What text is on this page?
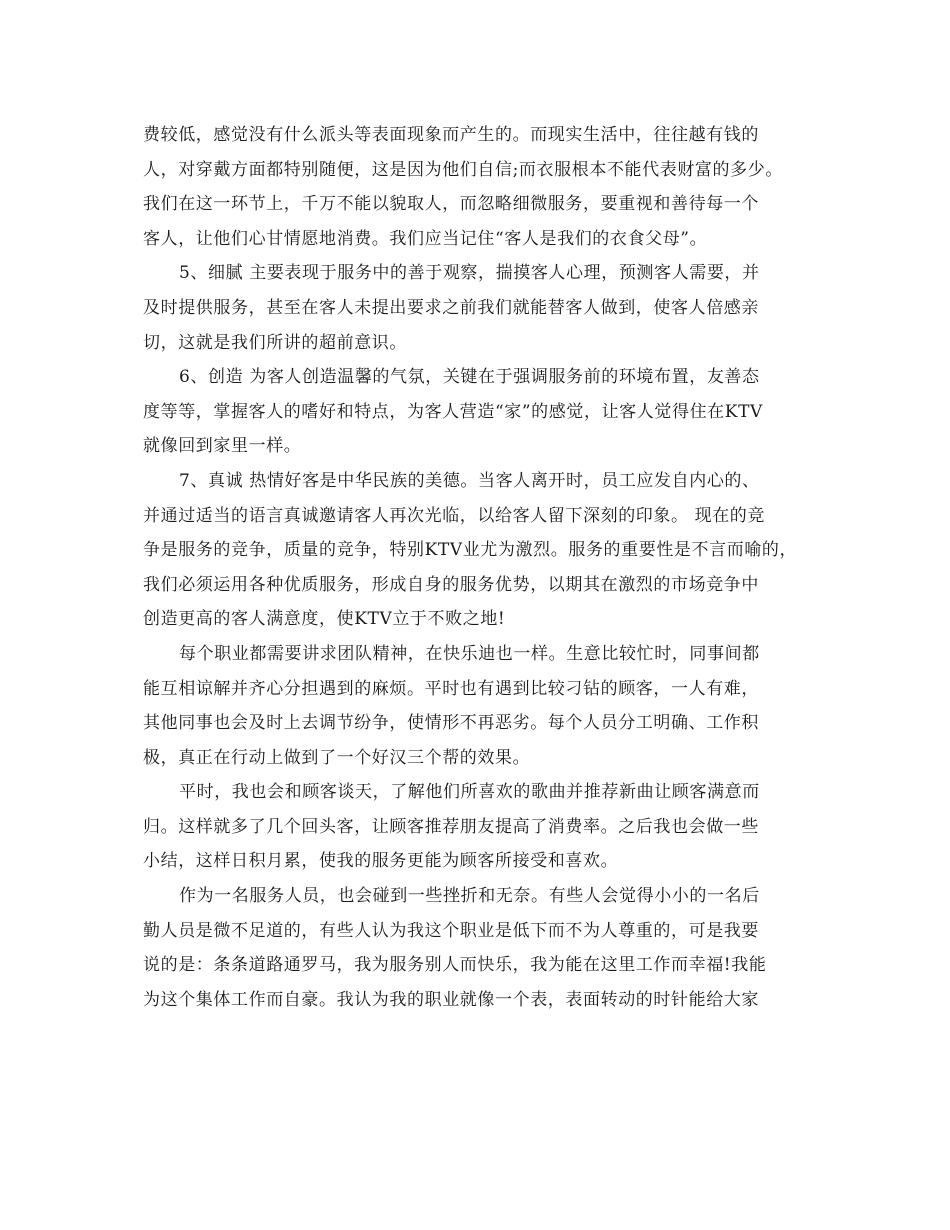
费较低，感觉没有什么派头等表面现象而产生的。而现实生活中，往往越有钱的
人，对穿戴方面都特别随便，这是因为他们自信;而衣服根本不能代表财富的多少。
我们在这一环节上，千万不能以貌取人，而忽略细微服务，要重视和善待每一个
客人，让他们心甘情愿地消费。我们应当记住“客人是我们的衣食父母”。
5、细腻 主要表现于服务中的善于观察，揣摸客人心理，预测客人需要，并
及时提供服务，甚至在客人未提出要求之前我们就能替客人做到，使客人倍感亲
切，这就是我们所讲的超前意识。
6、创造 为客人创造温馨的气氛，关键在于强调服务前的环境布置，友善态
度等等，掌握客人的嗜好和特点，为客人营造“家”的感觉，让客人觉得住在KTV
就像回到家里一样。
7、真诚 热情好客是中华民族的美德。当客人离开时，员工应发自内心的、
并通过适当的语言真诚邀请客人再次光临，以给客人留下深刻的印象。 现在的竞
争是服务的竞争，质量的竞争，特别KTV业尤为激烈。服务的重要性是不言而喻的，
我们必须运用各种优质服务，形成自身的服务优势，以期其在激烈的市场竞争中
创造更高的客人满意度，使KTV立于不败之地!
每个职业都需要讲求团队精神，在快乐迪也一样。生意比较忙时，同事间都
能互相谅解并齐心分担遇到的麻烦。平时也有遇到比较刁钻的顾客，一人有难，
其他同事也会及时上去调节纷争，使情形不再恶劣。每个人员分工明确、工作积
极，真正在行动上做到了一个好汉三个帮的效果。
平时，我也会和顾客谈天，了解他们所喜欢的歌曲并推荐新曲让顾客满意而
归。这样就多了几个回头客，让顾客推荐朋友提高了消费率。之后我也会做一些
小结，这样日积月累，使我的服务更能为顾客所接受和喜欢。
作为一名服务人员，也会碰到一些挫折和无奈。有些人会觉得小小的一名后
勤人员是微不足道的，有些人认为我这个职业是低下而不为人尊重的，可是我要
说的是：条条道路通罗马，我为服务别人而快乐，我为能在这里工作而幸福!我能
为这个集体工作而自豪。我认为我的职业就像一个表，表面转动的时针能给大家
